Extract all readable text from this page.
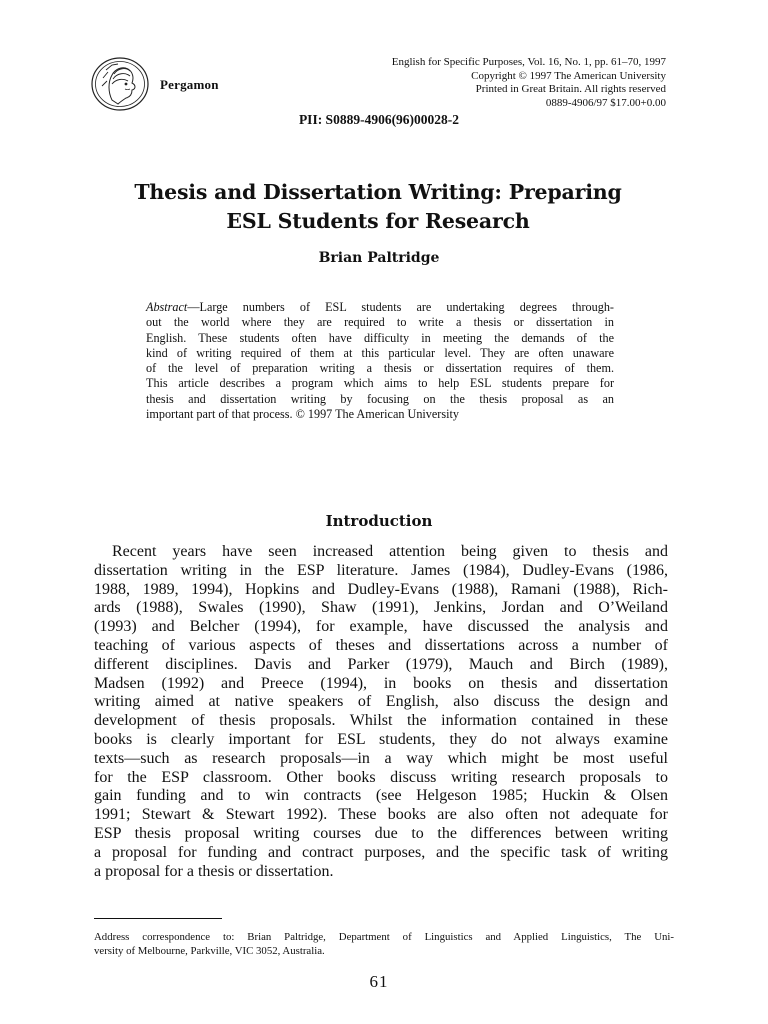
Pergamon
English for Specific Purposes, Vol. 16, No. 1, pp. 61–70, 1997
Copyright © 1997 The American University
Printed in Great Britain. All rights reserved
0889-4906/97 $17.00+0.00
PII: S0889-4906(96)00028-2
Thesis and Dissertation Writing: Preparing
ESL Students for Research
Brian Paltridge
Abstract—Large numbers of ESL students are undertaking degrees through-
out the world where they are required to write a thesis or dissertation in
English. These students often have difficulty in meeting the demands of the
kind of writing required of them at this particular level. They are often unaware
of the level of preparation writing a thesis or dissertation requires of them.
This article describes a program which aims to help ESL students prepare for
thesis and dissertation writing by focusing on the thesis proposal as an
important part of that process. © 1997 The American University
Introduction
Recent years have seen increased attention being given to thesis and
dissertation writing in the ESP literature. James (1984), Dudley-Evans (1986,
1988, 1989, 1994), Hopkins and Dudley-Evans (1988), Ramani (1988), Rich-
ards (1988), Swales (1990), Shaw (1991), Jenkins, Jordan and O’Weiland
(1993) and Belcher (1994), for example, have discussed the analysis and
teaching of various aspects of theses and dissertations across a number of
different disciplines. Davis and Parker (1979), Mauch and Birch (1989),
Madsen (1992) and Preece (1994), in books on thesis and dissertation
writing aimed at native speakers of English, also discuss the design and
development of thesis proposals. Whilst the information contained in these
books is clearly important for ESL students, they do not always examine
texts—such as research proposals—in a way which might be most useful
for the ESP classroom. Other books discuss writing research proposals to
gain funding and to win contracts (see Helgeson 1985; Huckin & Olsen
1991; Stewart & Stewart 1992). These books are also often not adequate for
ESP thesis proposal writing courses due to the differences between writing
a proposal for funding and contract purposes, and the specific task of writing
a proposal for a thesis or dissertation.
Address correspondence to: Brian Paltridge, Department of Linguistics and Applied Linguistics, The Uni-
versity of Melbourne, Parkville, VIC 3052, Australia.
61
